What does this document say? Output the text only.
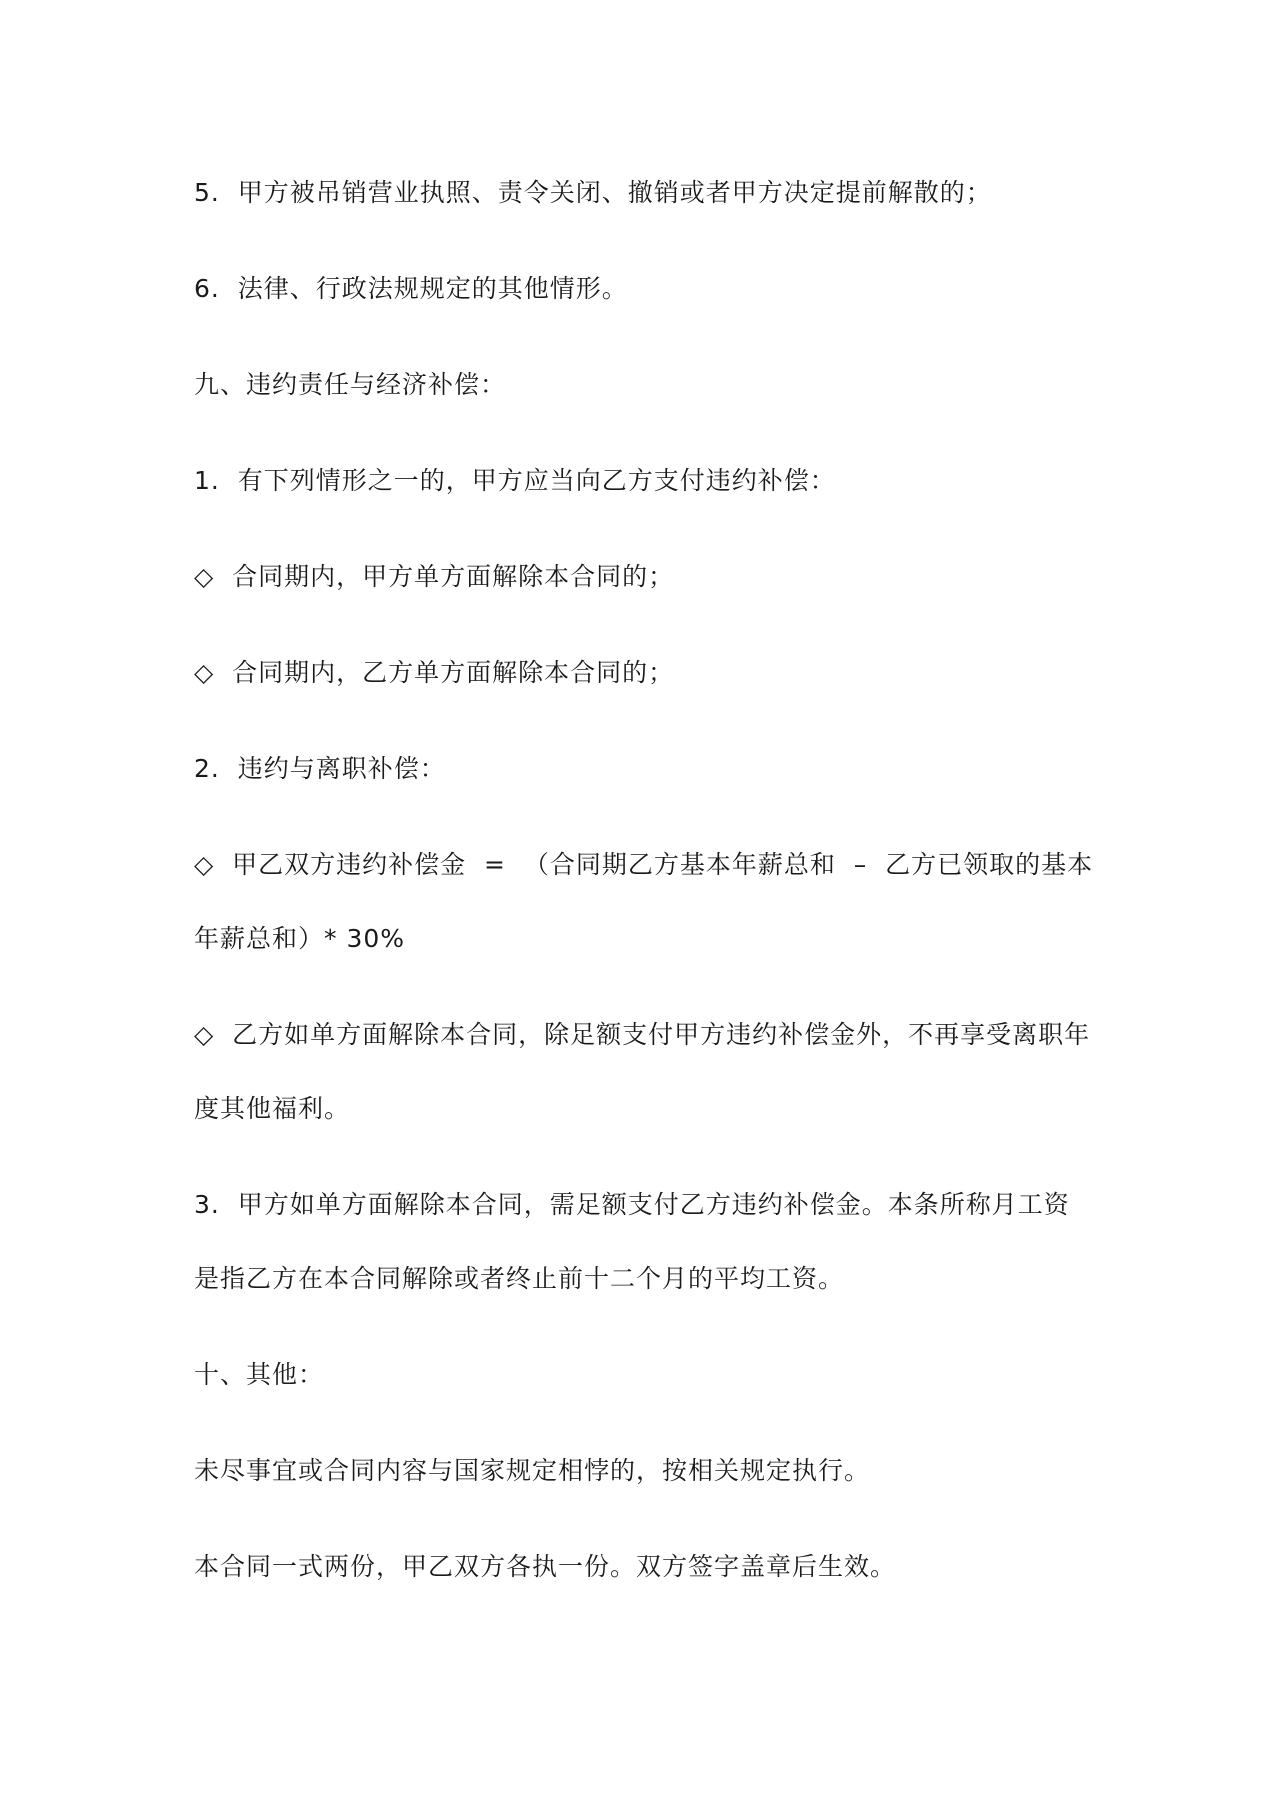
5.  甲方被吊销营业执照、责令关闭、撤销或者甲方决定提前解散的；
6.  法律、行政法规规定的其他情形。
九、违约责任与经济补偿：
1.  有下列情形之一的，甲方应当向乙方支付违约补偿：
◇  合同期内，甲方单方面解除本合同的；
◇  合同期内，乙方单方面解除本合同的；
2.  违约与离职补偿：
◇  甲乙双方违约补偿金  =  （合同期乙方基本年薪总和  –  乙方已领取的基本年薪总和）* 30%
◇  乙方如单方面解除本合同，除足额支付甲方违约补偿金外，不再享受离职年度其他福利。
3.  甲方如单方面解除本合同，需足额支付乙方违约补偿金。本条所称月工资是指乙方在本合同解除或者终止前十二个月的平均工资。
十、其他：
未尽事宜或合同内容与国家规定相悖的，按相关规定执行。
本合同一式两份，甲乙双方各执一份。双方签字盖章后生效。
